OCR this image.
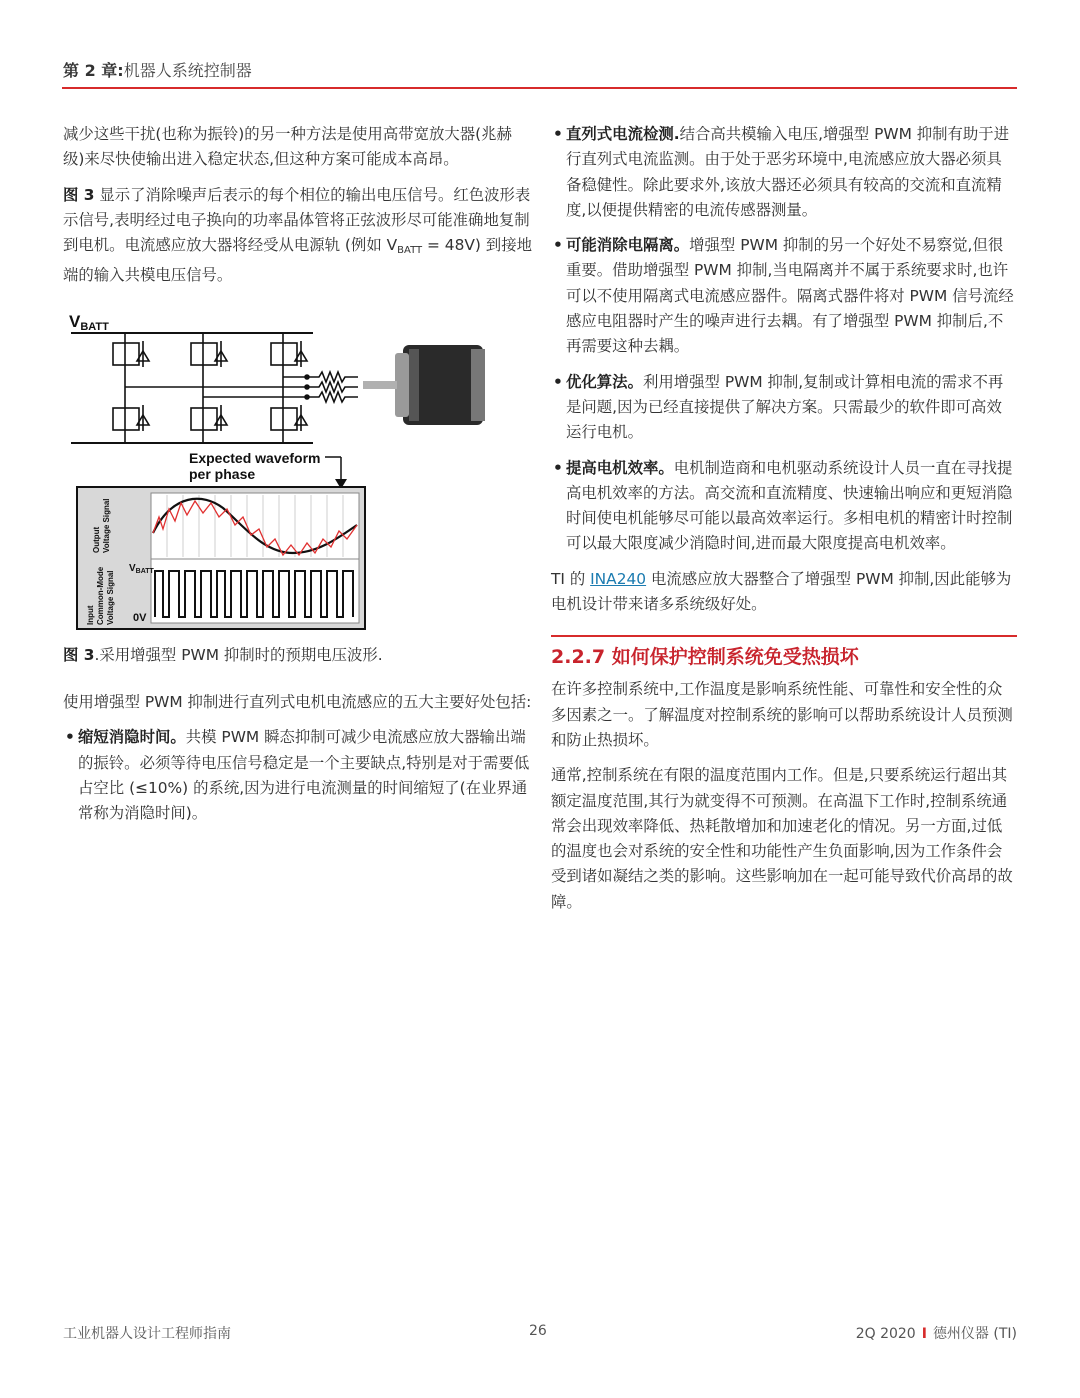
第 2 章:机器人系统控制器

减少这些干扰(也称为振铃)的另一种方法是使用高带宽放大器(兆赫级)来尽快使输出进入稳定状态,但这种方案可能成本高昂。

图 3 显示了消除噪声后表示的每个相位的输出电压信号。红色波形表示信号,表明经过电子换向的功率晶体管将正弦波形尽可能准确地复制到电机。电流感应放大器将经受从电源轨 (例如 $V_{BATT} = 48V$) 到接地端的输入共模电压信号。

VBATT
Expected waveform
per phase
$V_{BATT}$
0V
Output Voltage Signal
Input Common-Mode Voltage Signal

图 3.采用增强型 PWM 抑制时的预期电压波形.

使用增强型 PWM 抑制进行直列式电机电流感应的五大主要好处包括:

• 缩短消隐时间。共模 PWM 瞬态抑制可减少电流感应放大器输出端的振铃。必须等待电压信号稳定是一个主要缺点,特别是对于需要低占空比 (≤10%) 的系统,因为进行电流测量的时间缩短了(在业界通常称为消隐时间)。
• 直列式电流检测.结合高共模输入电压,增强型 PWM 抑制有助于进行直列式电流监测。由于处于恶劣环境中,电流感应放大器必须具备稳健性。除此要求外,该放大器还必须具有较高的交流和直流精度,以便提供精密的电流传感器测量。
• 可能消除电隔离。增强型 PWM 抑制的另一个好处不易察觉,但很重要。借助增强型 PWM 抑制,当电隔离并不属于系统要求时,也许可以不使用隔离式电流感应器件。隔离式器件将对 PWM 信号流经感应电阻器时产生的噪声进行去耦。有了增强型 PWM 抑制后,不再需要这种去耦。
• 优化算法。利用增强型 PWM 抑制,复制或计算相电流的需求不再是问题,因为已经直接提供了解决方案。只需最少的软件即可高效运行电机。
• 提高电机效率。电机制造商和电机驱动系统设计人员一直在寻找提高电机效率的方法。高交流和直流精度、快速输出响应和更短消隐时间使电机能够尽可能以最高效率运行。多相电机的精密计时控制可以最大限度减少消隐时间,进而最大限度提高电机效率。

TI 的 INA240 电流感应放大器整合了增强型 PWM 抑制,因此能够为电机设计带来诸多系统级好处。

2.2.7 如何保护控制系统免受热损坏

在许多控制系统中,工作温度是影响系统性能、可靠性和安全性的众多因素之一。了解温度对控制系统的影响可以帮助系统设计人员预测和防止热损坏。

通常,控制系统在有限的温度范围内工作。但是,只要系统运行超出其额定温度范围,其行为就变得不可预测。在高温下工作时,控制系统通常会出现效率降低、热耗散增加和加速老化的情况。另一方面,过低的温度也会对系统的安全性和功能性产生负面影响,因为工作条件会受到诸如凝结之类的影响。这些影响加在一起可能导致代价高昂的故障。

工业机器人设计工程师指南	26	2Q 2020 I 德州仪器 (TI)
